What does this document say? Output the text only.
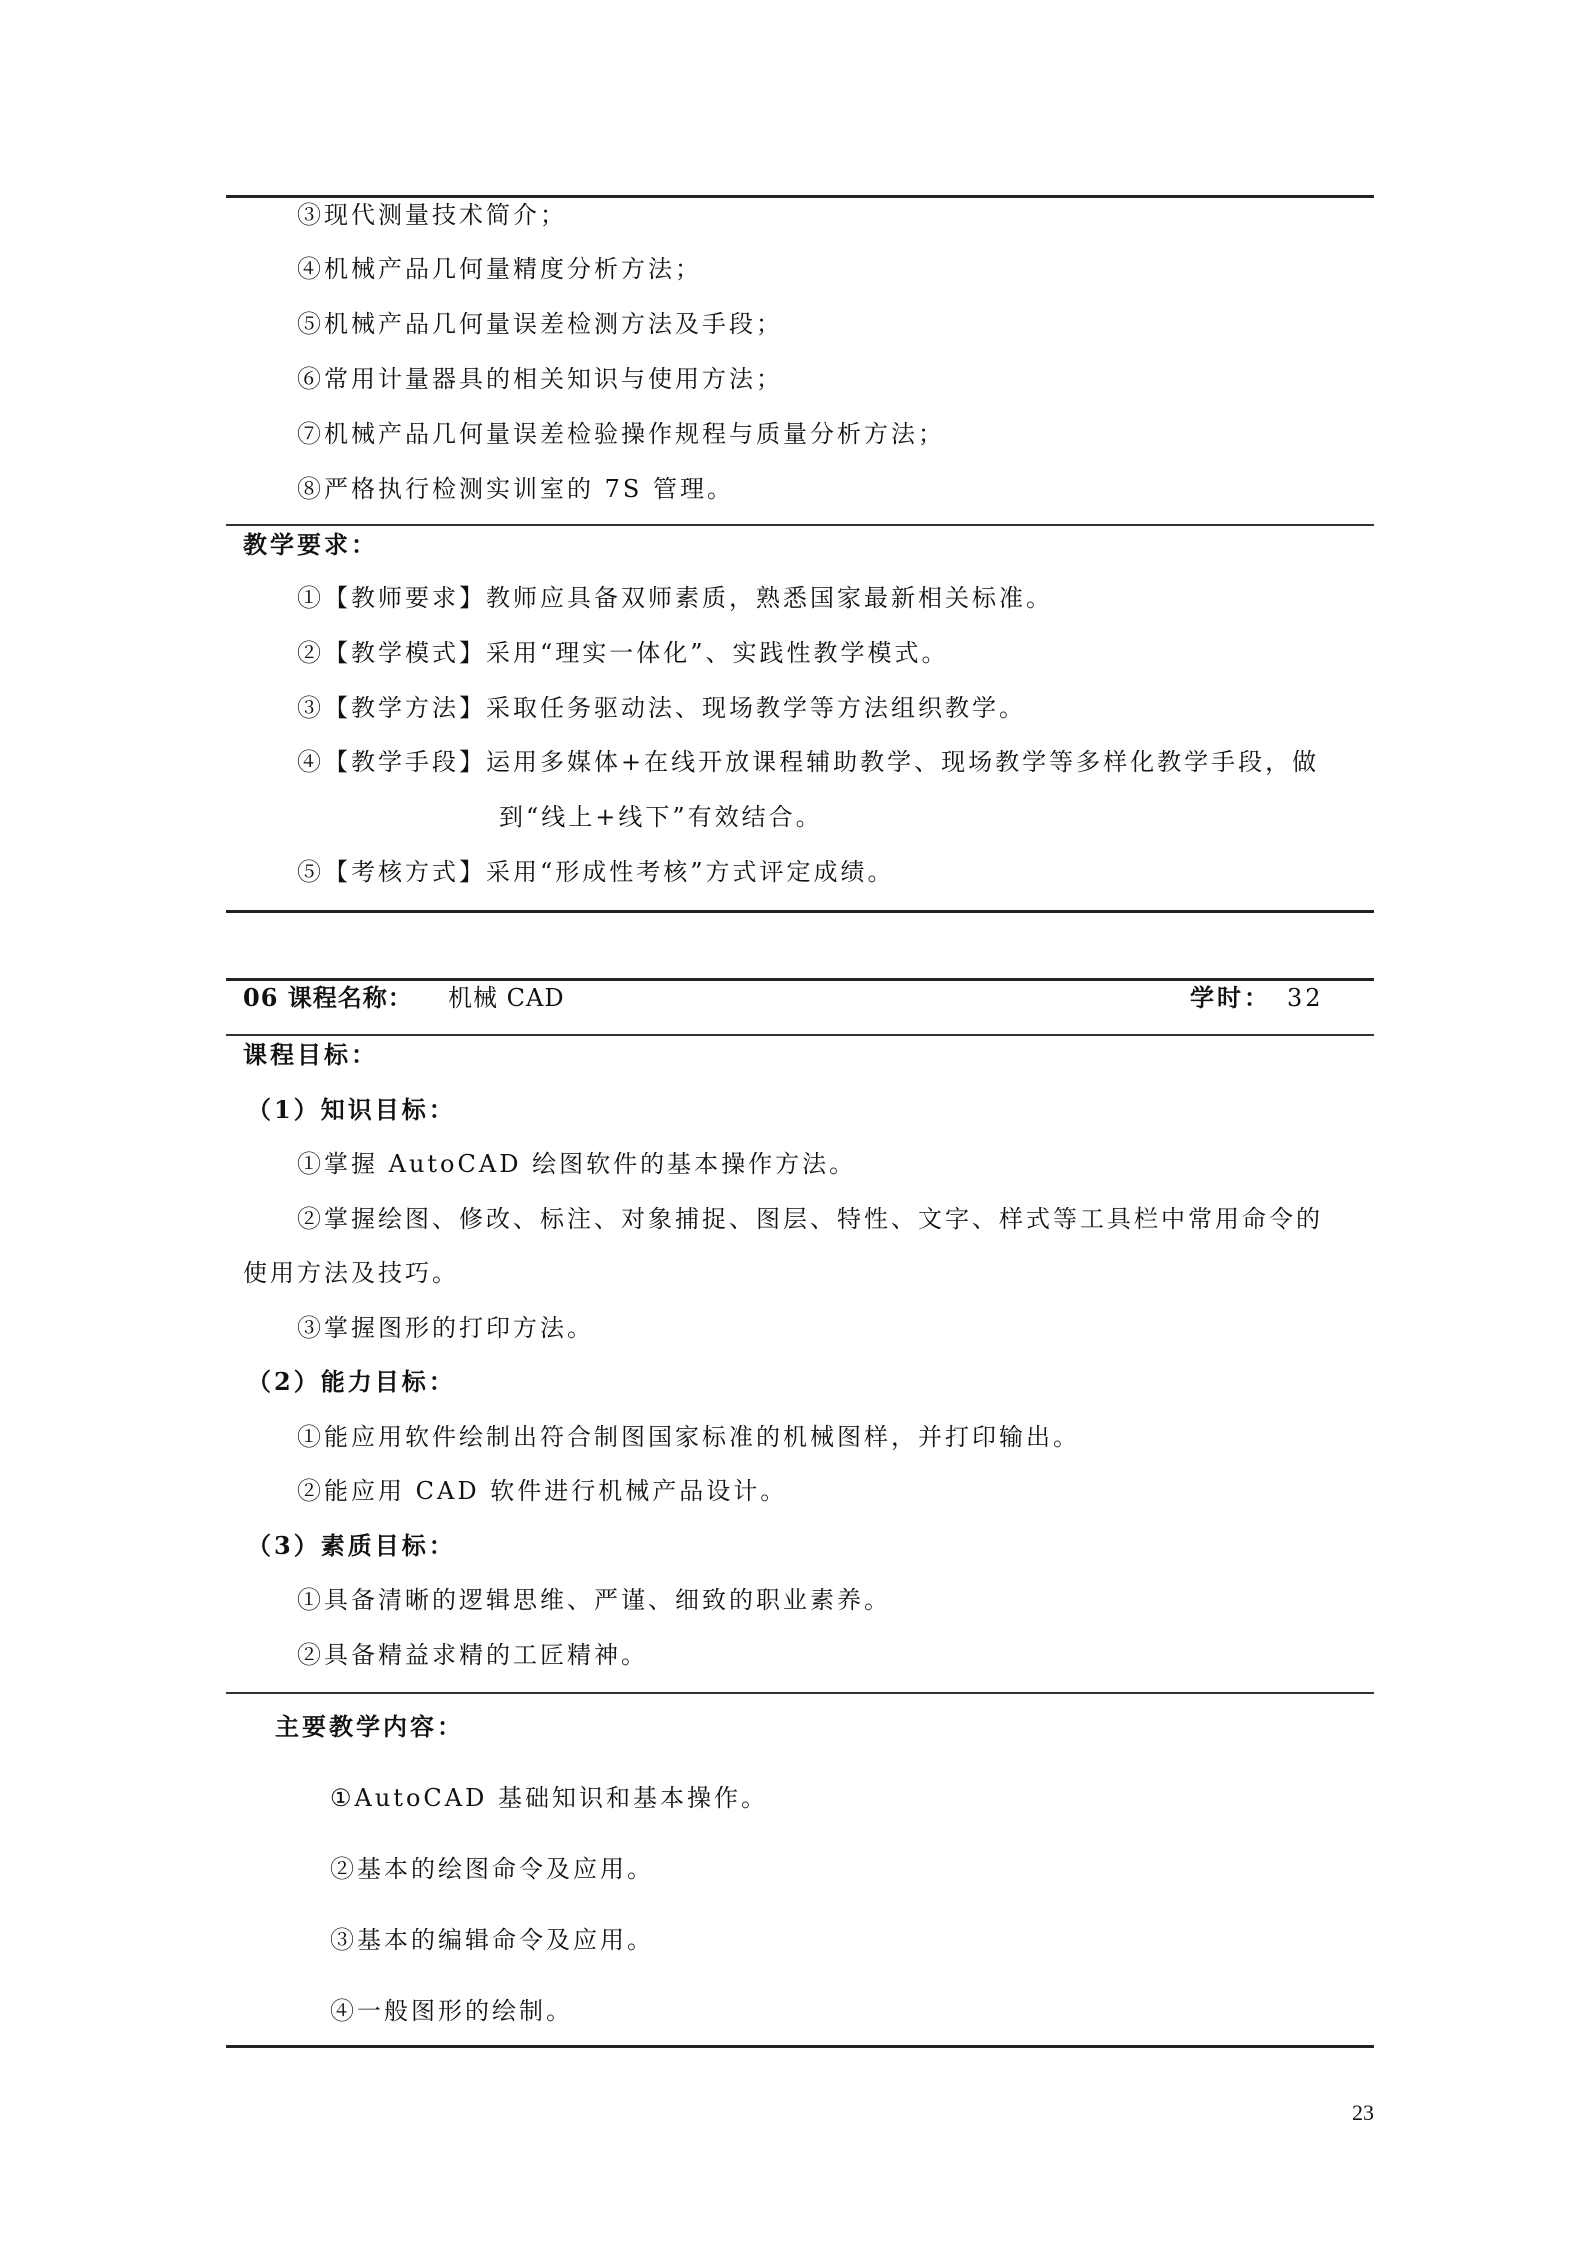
③现代测量技术简介；
④机械产品几何量精度分析方法；
⑤机械产品几何量误差检测方法及手段；
⑥常用计量器具的相关知识与使用方法；
⑦机械产品几何量误差检验操作规程与质量分析方法；
⑧严格执行检测实训室的 7S 管理。
教学要求：
①【教师要求】教师应具备双师素质，熟悉国家最新相关标准。
②【教学模式】采用“理实一体化”、实践性教学模式。
③【教学方法】采取任务驱动法、现场教学等方法组织教学。
④【教学手段】运用多媒体+在线开放课程辅助教学、现场教学等多样化教学手段，做
到“线上+线下”有效结合。
⑤【考核方式】采用“形成性考核”方式评定成绩。
06 课程名称： 机械 CAD	学时： 32
课程目标：
（1）知识目标：
①掌握 AutoCAD 绘图软件的基本操作方法。
②掌握绘图、修改、标注、对象捕捉、图层、特性、文字、样式等工具栏中常用命令的
使用方法及技巧。
③掌握图形的打印方法。
（2）能力目标：
①能应用软件绘制出符合制图国家标准的机械图样，并打印输出。
②能应用 CAD 软件进行机械产品设计。
（3）素质目标：
①具备清晰的逻辑思维、严谨、细致的职业素养。
②具备精益求精的工匠精神。
主要教学内容：
①AutoCAD 基础知识和基本操作。
②基本的绘图命令及应用。
③基本的编辑命令及应用。
④一般图形的绘制。
23
